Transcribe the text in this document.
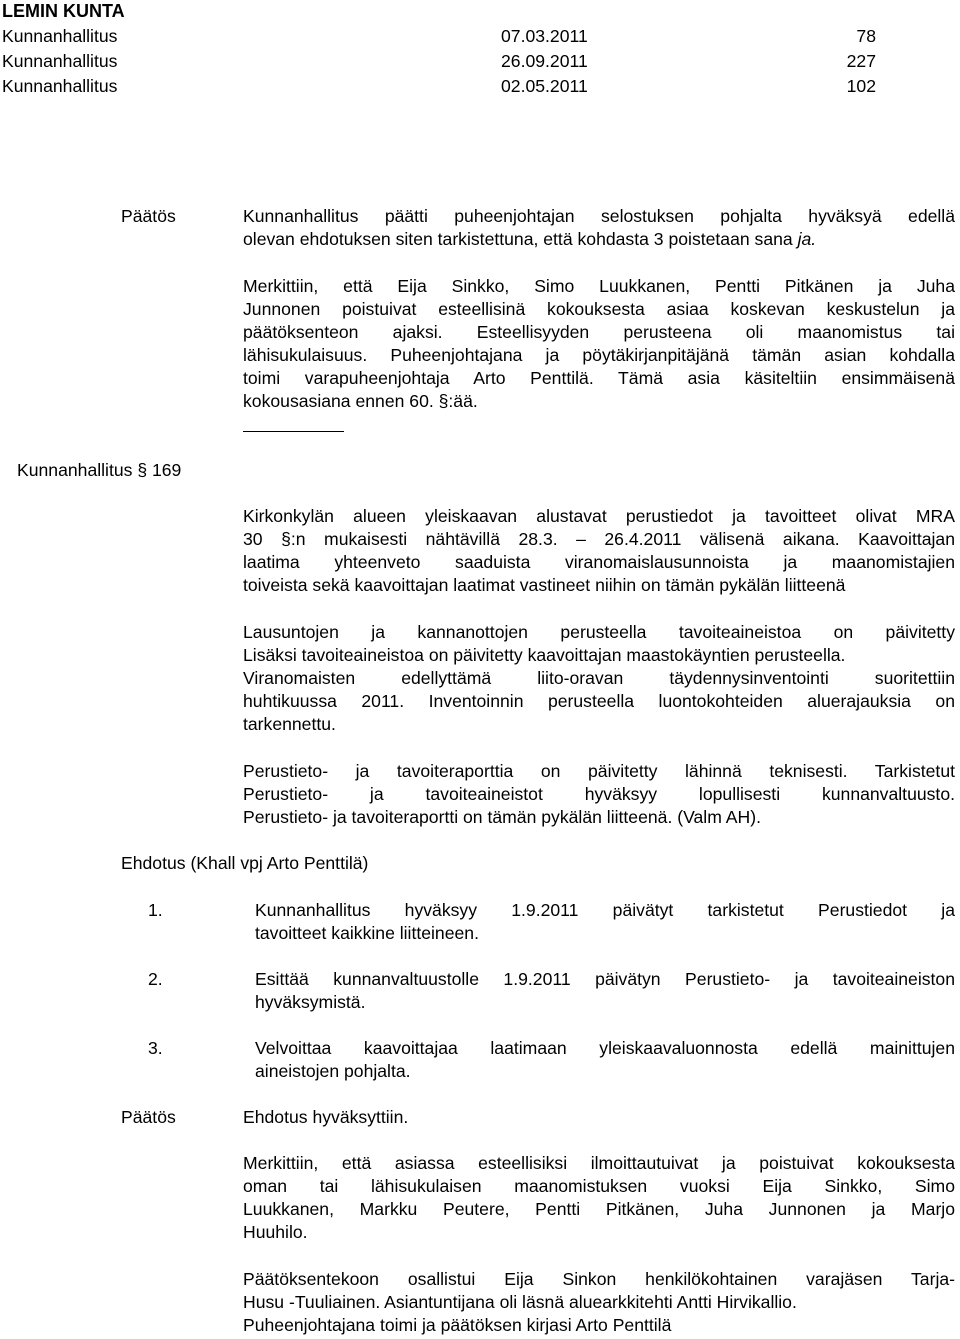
LEMIN KUNTA
Kunnanhallitus	07.03.2011	78
Kunnanhallitus	26.09.2011	227
Kunnanhallitus	02.05.2011	102
Päätös	Kunnanhallitus päätti puheenjohtajan selostuksen pohjalta hyväksyä edellä

olevan ehdotuksen siten tarkistettuna, että kohdasta 3 poistetaan sana ja.

Merkittiin, että Eija Sinkko, Simo Luukkanen, Pentti Pitkänen ja Juha

Junnonen poistuivat esteellisinä kokouksesta asiaa koskevan keskustelun ja

päätöksenteon ajaksi. Esteellisyyden perusteena oli maanomistus tai

lähisukulaisuus. Puheenjohtajana ja pöytäkirjanpitäjänä tämän asian kohdalla

toimi varapuheenjohtaja Arto Penttilä. Tämä asia käsiteltiin ensimmäisenä

kokousasiana ennen 60. §:ää.

Kunnanhallitus § 169

Kirkonkylän alueen yleiskaavan alustavat perustiedot ja tavoitteet olivat MRA

30 §:n mukaisesti nähtävillä 28.3. – 26.4.2011 välisenä aikana. Kaavoittajan

laatima yhteenveto saaduista viranomaislausunnoista ja maanomistajien

toiveista sekä kaavoittajan laatimat vastineet niihin on tämän pykälän liitteenä

Lausuntojen ja kannanottojen perusteella tavoiteaineistoa on päivitetty

Lisäksi tavoiteaineistoa on päivitetty kaavoittajan maastokäyntien perusteella.

Viranomaisten edellyttämä liito-oravan täydennysinventointi suoritettiin

huhtikuussa 2011. Inventoinnin perusteella luontokohteiden aluerajauksia on

tarkennettu.

Perustieto- ja tavoiteraporttia on päivitetty lähinnä teknisesti. Tarkistetut

Perustieto- ja tavoiteaineistot hyväksyy lopullisesti kunnanvaltuusto.

Perustieto- ja tavoiteraportti on tämän pykälän liitteenä. (Valm AH).

Ehdotus (Khall vpj Arto Penttilä)
1.	Kunnanhallitus hyväksyy 1.9.2011 päivätyt tarkistetut Perustiedot ja

tavoitteet kaikkine liitteineen.

2.	Esittää kunnanvaltuustolle 1.9.2011 päivätyn Perustieto- ja tavoiteaineiston

hyväksymistä.

3.	Velvoittaa kaavoittajaa laatimaan yleiskaavaluonnosta edellä mainittujen

aineistojen pohjalta.

Päätös	Ehdotus hyväksyttiin.

Merkittiin, että asiassa esteellisiksi ilmoittautuivat ja poistuivat kokouksesta

oman tai lähisukulaisen maanomistuksen vuoksi Eija Sinkko, Simo

Luukkanen, Markku Peutere, Pentti Pitkänen, Juha Junnonen ja Marjo

Huuhilo.

Päätöksentekoon osallistui Eija Sinkon henkilökohtainen varajäsen Tarja-

Husu -Tuuliainen. Asiantuntijana oli läsnä aluearkkitehti Antti Hirvikallio.

Puheenjohtajana toimi ja päätöksen kirjasi Arto Penttilä
